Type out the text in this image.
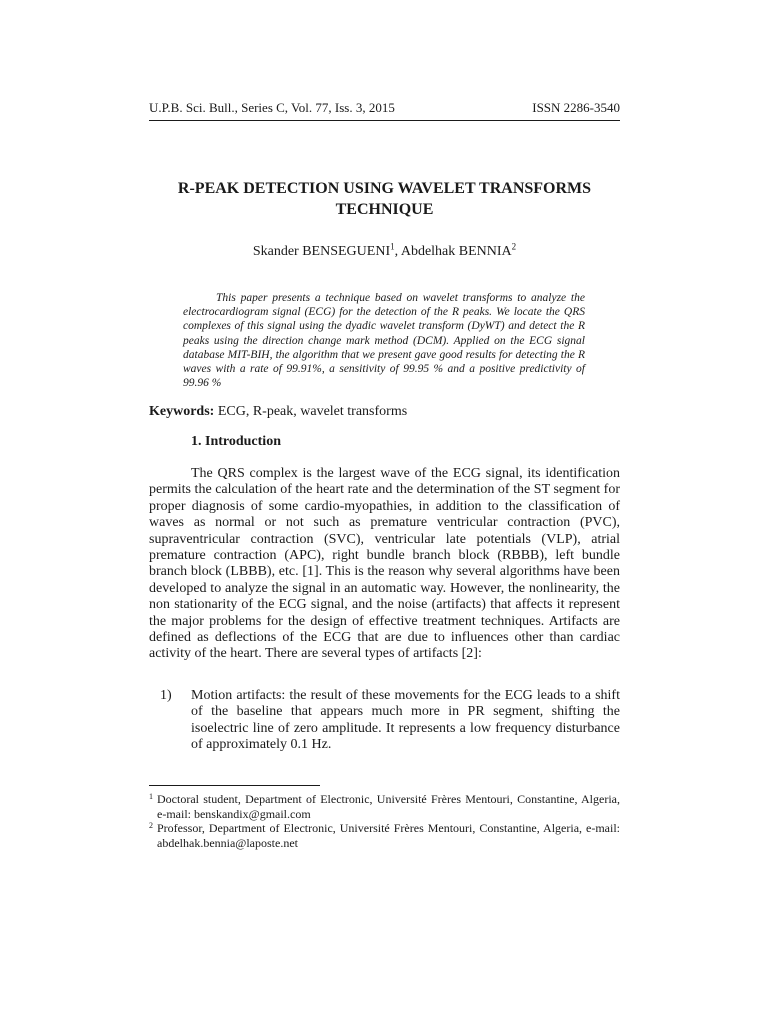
U.P.B. Sci. Bull., Series C, Vol. 77, Iss. 3, 2015	ISSN 2286-3540
R-PEAK DETECTION USING WAVELET TRANSFORMS
TECHNIQUE
Skander BENSEGUENI$^1$, Abdelhak BENNIA$^2$
This paper presents a technique based on wavelet transforms to analyze the electrocardiogram signal (ECG) for the detection of the R peaks. We locate the QRS complexes of this signal using the dyadic wavelet transform (DyWT) and detect the R peaks using the direction change mark method (DCM). Applied on the ECG signal database MIT-BIH, the algorithm that we present gave good results for detecting the R waves with a rate of 99.91%, a sensitivity of 99.95 % and a positive predictivity of 99.96 %
Keywords: ECG, R-peak, wavelet transforms
1. Introduction
The QRS complex is the largest wave of the ECG signal, its identification permits the calculation of the heart rate and the determination of the ST segment for proper diagnosis of some cardio-myopathies, in addition to the classification of waves as normal or not such as premature ventricular contraction (PVC), supraventricular contraction (SVC), ventricular late potentials (VLP), atrial premature contraction (APC), right bundle branch block (RBBB), left bundle branch block (LBBB), etc. [1]. This is the reason why several algorithms have been developed to analyze the signal in an automatic way. However, the nonlinearity, the non stationarity of the ECG signal, and the noise (artifacts) that affects it represent the major problems for the design of effective treatment techniques. Artifacts are defined as deflections of the ECG that are due to influences other than cardiac activity of the heart. There are several types of artifacts [2]:
1) Motion artifacts: the result of these movements for the ECG leads to a shift of the baseline that appears much more in PR segment, shifting the isoelectric line of zero amplitude. It represents a low frequency disturbance of approximately 0.1 Hz.
1 Doctoral student, Department of Electronic, Université Frères Mentouri, Constantine, Algeria, e-mail: benskandix@gmail.com
2 Professor, Department of Electronic, Université Frères Mentouri, Constantine, Algeria, e-mail: abdelhak.bennia@laposte.net
